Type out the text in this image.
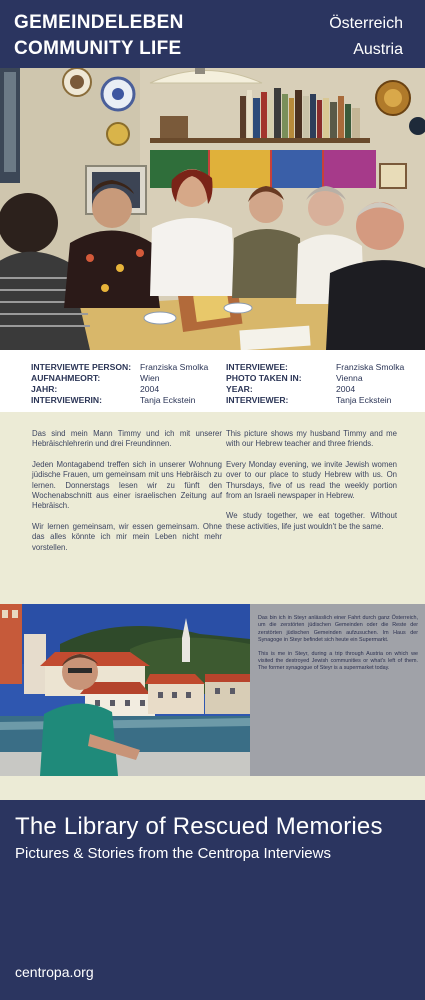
GEMEINDELEBEN
COMMUNITY LIFE
Österreich
Austria
INTERVIEWTE PERSON: Franziska Smolka
AUFNAHMEORT:	Wien
JAHR:	2004
INTERVIEWERIN:	Tanja Eckstein
INTERVIEWEE:	Franziska Smolka
PHOTO TAKEN IN:	Vienna
YEAR:	2004
INTERVIEWER:	Tanja Eckstein

Das sind mein Mann Timmy und ich mit unserer Hebräischlehrerin und drei Freundinnen.

Jeden Montagabend treffen sich in unserer Wohnung jüdische Frauen, um gemeinsam mit uns Hebräisch zu lernen. Donnerstags lesen wir zu fünft den Wochenabschnitt aus einer israelischen Zeitung auf Hebräisch.

Wir lernen gemeinsam, wir essen gemeinsam. Ohne das alles könnte ich mir mein Leben nicht mehr vorstellen.

This picture shows my husband Timmy and me with our Hebrew teacher and three friends.

Every Monday evening, we invite Jewish women over to our place to study Hebrew with us. On Thursdays, five of us read the weekly portion from an Israeli newspaper in Hebrew.

We study together, we eat together. Without these activities, life just wouldn't be the same.

Das bin ich in Steyr anlässlich einer Fahrt durch ganz Österreich, um die zerstörten jüdischen Gemeinden oder die Reste der zerstörten jüdischen Gemeinden aufzusuchen. Im Haus der Synagoge in Steyr befindet sich heute ein Supermarkt.

This is me in Steyr, during a trip through Austria on which we visited the destroyed Jewish communities or what's left of them. The former synagogue of Steyr is a supermarket today.

The Library of Rescued Memories
Pictures & Stories from the Centropa Interviews
centropa.org
